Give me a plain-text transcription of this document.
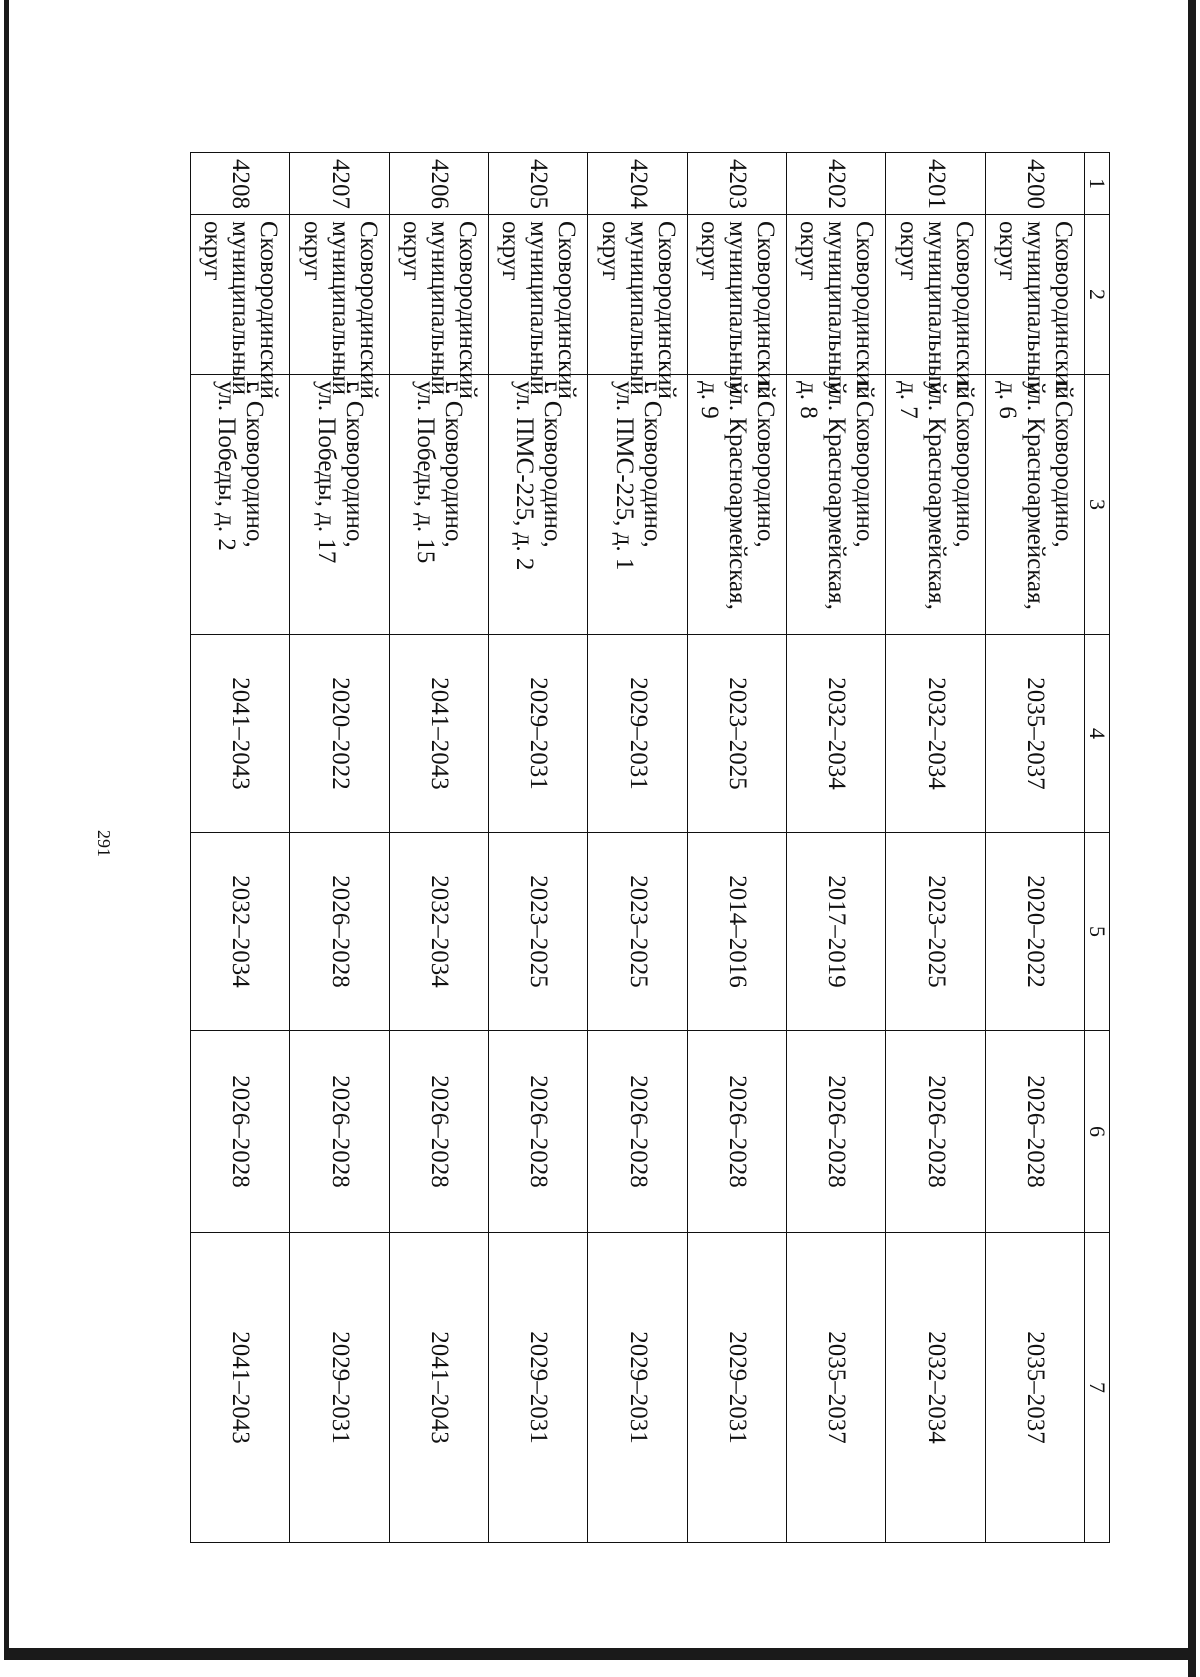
291
1	2	3	4	5	6	7
4200	Сковородинский
муниципальный
округ	г. Сковородино,
ул. Красноармейская,
д. 6	2035–2037	2020–2022	2026–2028	2035–2037
4201	Сковородинский
муниципальный
округ	г. Сковородино,
ул. Красноармейская,
д. 7	2032–2034	2023–2025	2026–2028	2032–2034
4202	Сковородинский
муниципальный
округ	г. Сковородино,
ул. Красноармейская,
д. 8	2032–2034	2017–2019	2026–2028	2035–2037
4203	Сковородинский
муниципальный
округ	г. Сковородино,
ул. Красноармейская,
д. 9	2023–2025	2014–2016	2026–2028	2029–2031
4204	Сковородинский
муниципальный
округ	г. Сковородино,
ул. ПМС-225, д. 1	2029–2031	2023–2025	2026–2028	2029–2031
4205	Сковородинский
муниципальный
округ	г. Сковородино,
ул. ПМС-225, д. 2	2029–2031	2023–2025	2026–2028	2029–2031
4206	Сковородинский
муниципальный
округ	г. Сковородино,
ул. Победы, д. 15	2041–2043	2032–2034	2026–2028	2041–2043
4207	Сковородинский
муниципальный
округ	г. Сковородино,
ул. Победы, д. 17	2020–2022	2026–2028	2026–2028	2029–2031
4208	Сковородинский
муниципальный
округ	г. Сковородино,
ул. Победы, д. 2	2041–2043	2032–2034	2026–2028	2041–2043
